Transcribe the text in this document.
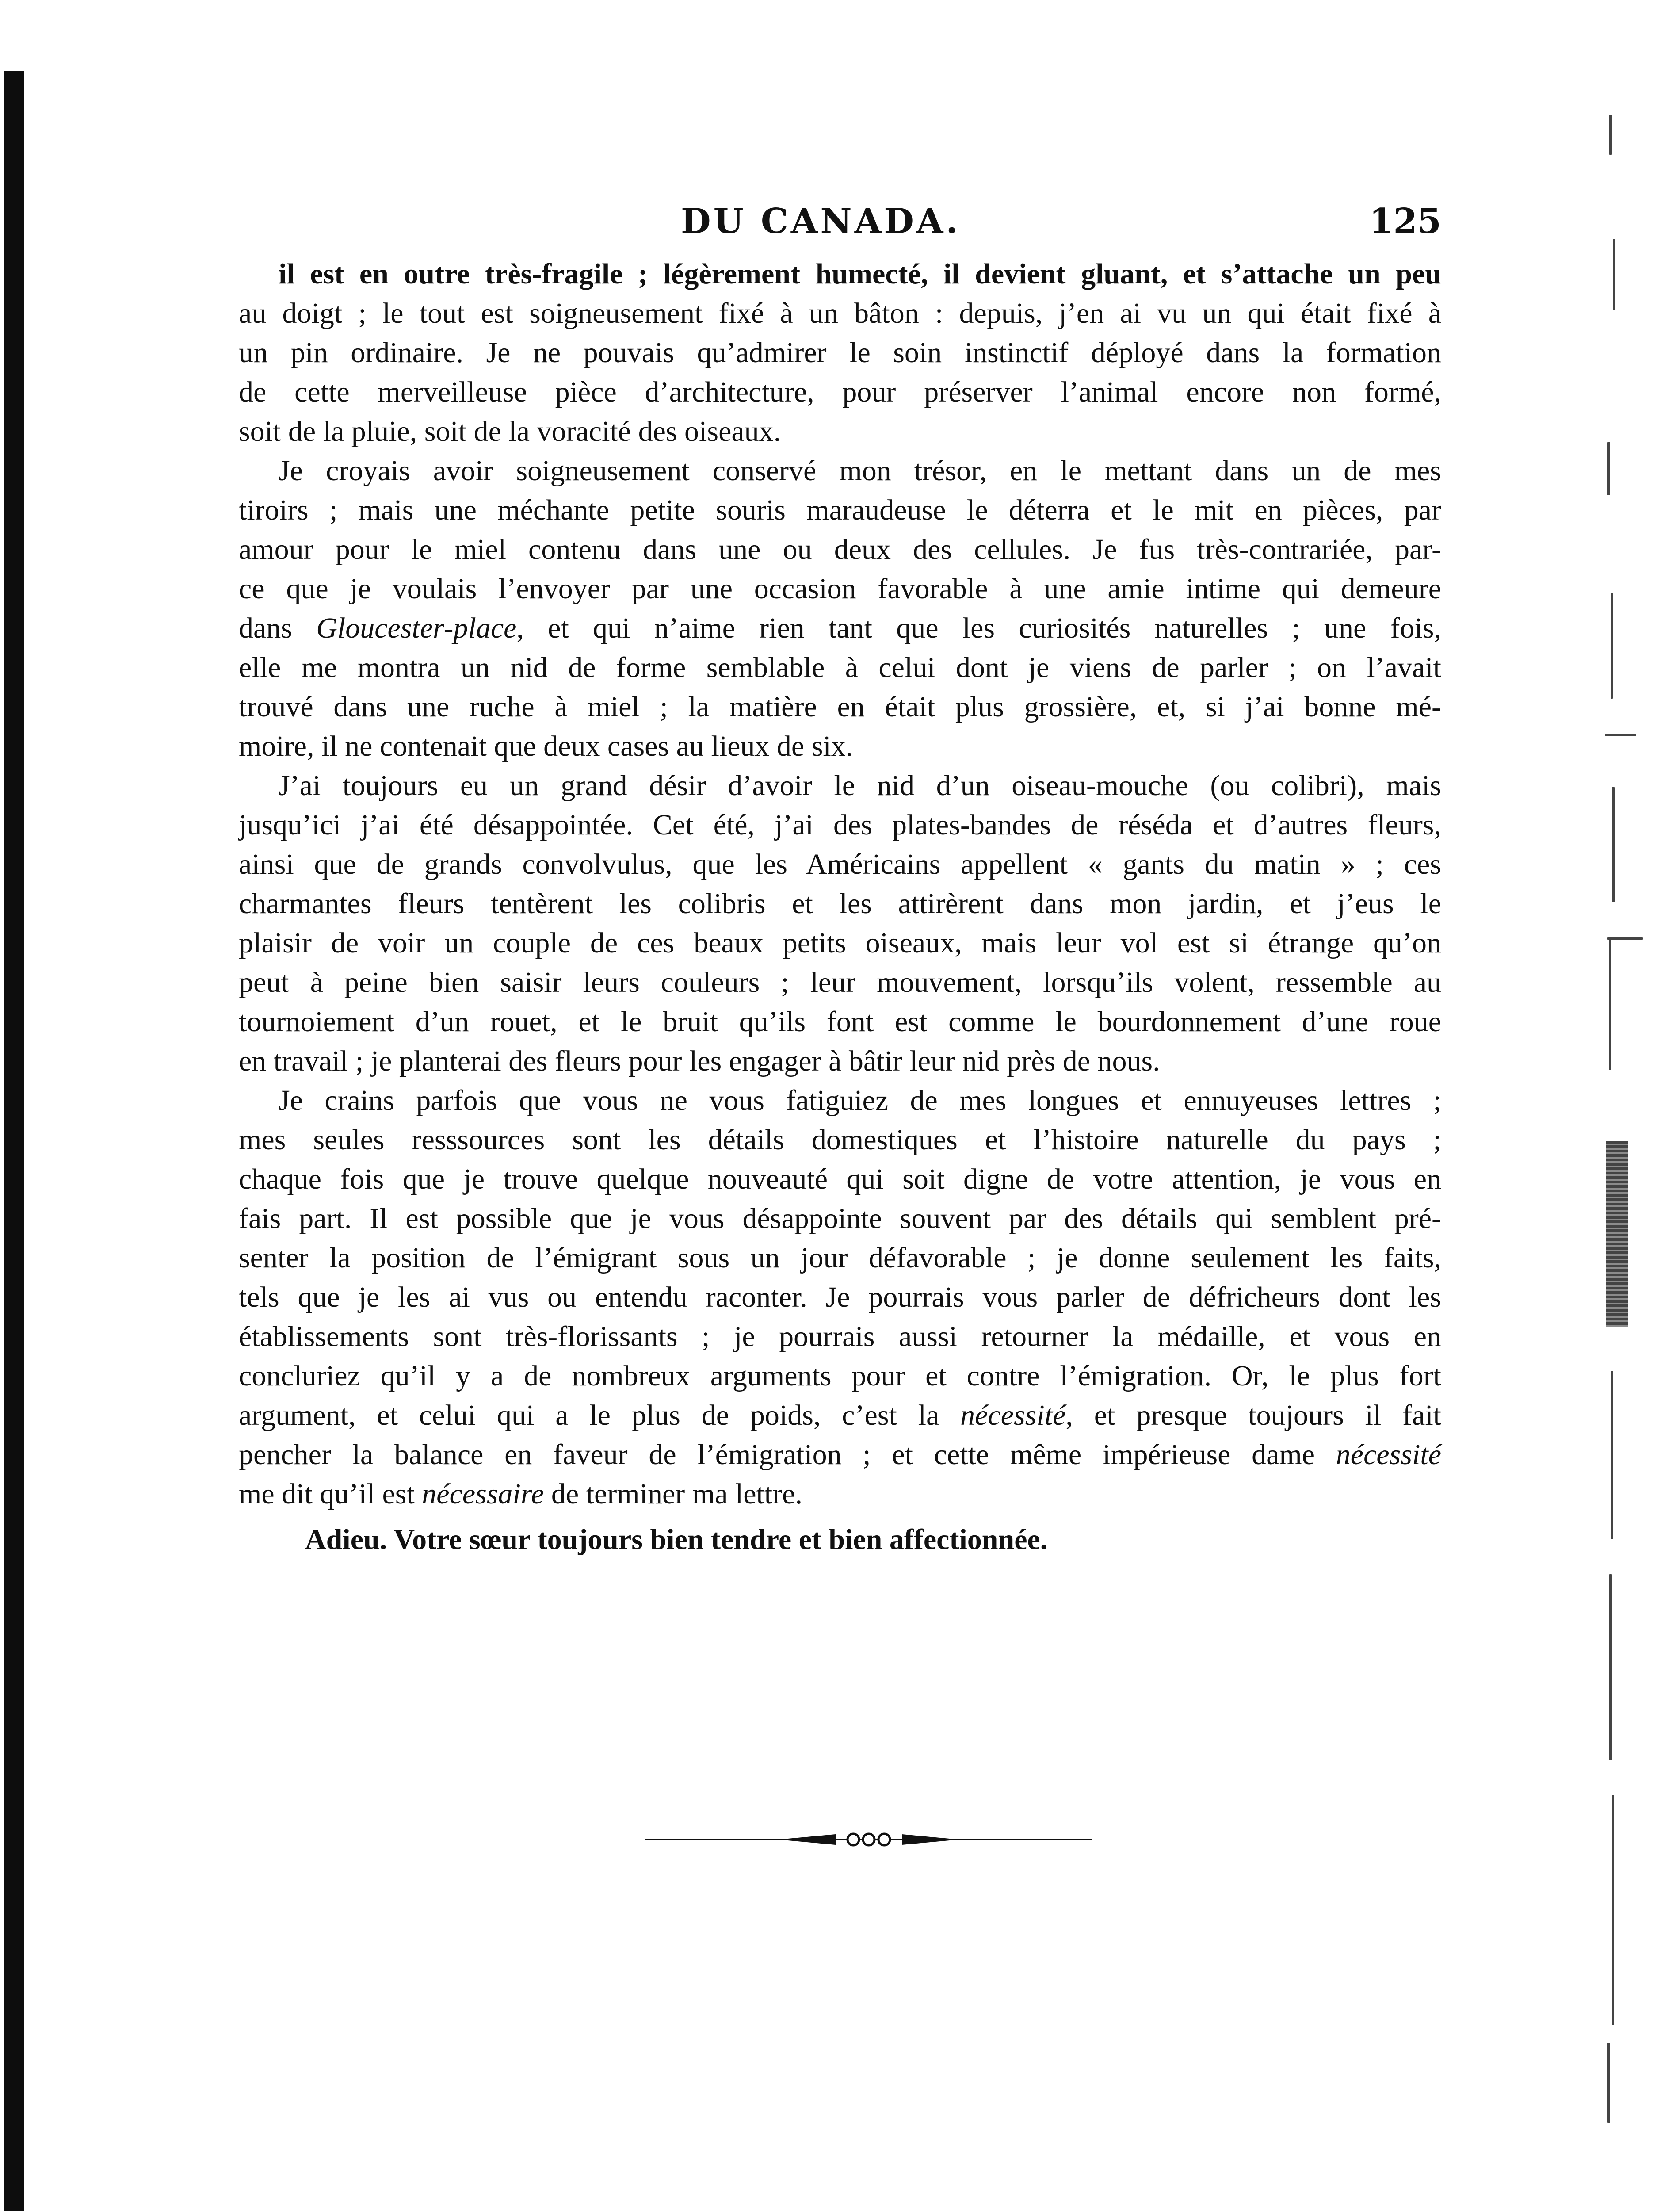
DU CANADA.	125
il est en outre très-fragile ; légèrement humecté, il devient gluant, et s’attache un peu
au doigt ; le tout est soigneusement fixé à un bâton : depuis, j’en ai vu un qui était fixé à
un pin ordinaire. Je ne pouvais qu’admirer le soin instinctif déployé dans la formation
de cette merveilleuse pièce d’architecture, pour préserver l’animal encore non formé,
soit de la pluie, soit de la voracité des oiseaux.
Je croyais avoir soigneusement conservé mon trésor, en le mettant dans un de mes
tiroirs ; mais une méchante petite souris maraudeuse le déterra et le mit en pièces, par
amour pour le miel contenu dans une ou deux des cellules. Je fus très-contrariée, par-
ce que je voulais l’envoyer par une occasion favorable à une amie intime qui demeure
dans Gloucester-place, et qui n’aime rien tant que les curiosités naturelles ; une fois,
elle me montra un nid de forme semblable à celui dont je viens de parler ; on l’avait
trouvé dans une ruche à miel ; la matière en était plus grossière, et, si j’ai bonne mé-
moire, il ne contenait que deux cases au lieux de six.
J’ai toujours eu un grand désir d’avoir le nid d’un oiseau-mouche (ou colibri), mais
jusqu’ici j’ai été désappointée. Cet été, j’ai des plates-bandes de réséda et d’autres fleurs,
ainsi que de grands convolvulus, que les Américains appellent « gants du matin » ; ces
charmantes fleurs tentèrent les colibris et les attirèrent dans mon jardin, et j’eus le
plaisir de voir un couple de ces beaux petits oiseaux, mais leur vol est si étrange qu’on
peut à peine bien saisir leurs couleurs ; leur mouvement, lorsqu’ils volent, ressemble au
tournoiement d’un rouet, et le bruit qu’ils font est comme le bourdonnement d’une roue
en travail ; je planterai des fleurs pour les engager à bâtir leur nid près de nous.
Je crains parfois que vous ne vous fatiguiez de mes longues et ennuyeuses lettres ;
mes seules resssources sont les détails domestiques et l’histoire naturelle du pays ;
chaque fois que je trouve quelque nouveauté qui soit digne de votre attention, je vous en
fais part. Il est possible que je vous désappointe souvent par des détails qui semblent pré-
senter la position de l’émigrant sous un jour défavorable ; je donne seulement les faits,
tels que je les ai vus ou entendu raconter. Je pourrais vous parler de défricheurs dont les
établissements sont très-florissants ; je pourrais aussi retourner la médaille, et vous en
concluriez qu’il y a de nombreux arguments pour et contre l’émigration. Or, le plus fort
argument, et celui qui a le plus de poids, c’est la nécessité, et presque toujours il fait
pencher la balance en faveur de l’émigration ; et cette même impérieuse dame nécessité
me dit qu’il est nécessaire de terminer ma lettre.
Adieu. Votre sœur toujours bien tendre et bien affectionnée.
